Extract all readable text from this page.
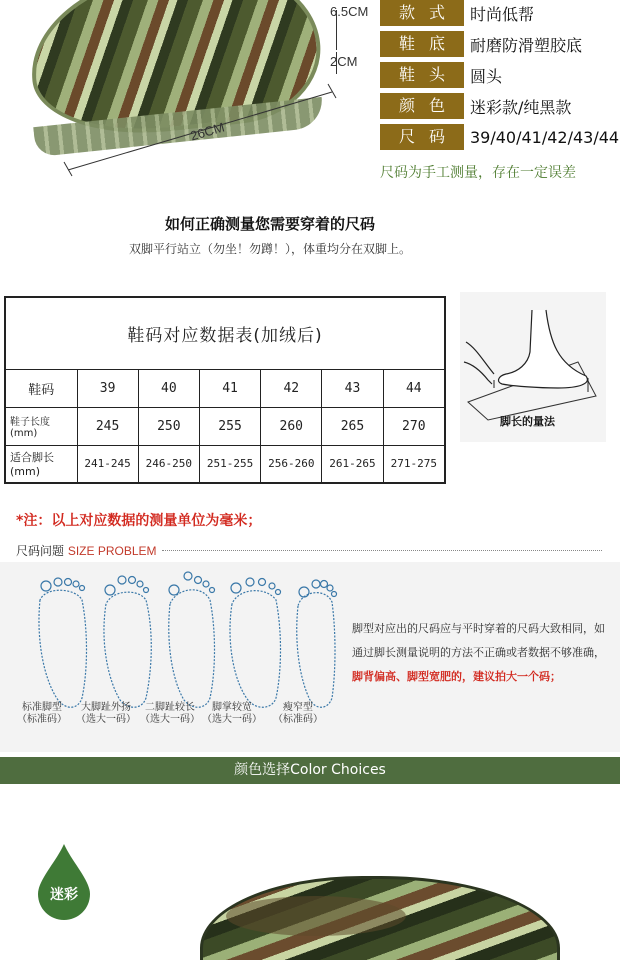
6.5CM
2CM
26CM
款式 时尚低帮
鞋底 耐磨防滑塑胶底
鞋头 圆头
颜色 迷彩款/纯黑款
尺码 39/40/41/42/43/44
尺码为手工测量，存在一定误差
如何正确测量您需要穿着的尺码
双脚平行站立（勿坐！勿蹲！），体重均分在双脚上。
鞋码对应数据表(加绒后)						
鞋码	39	40	41	42	43	44
鞋子长度(mm)	245	250	255	260	265	270
适合脚长(mm)	241-245	246-250	251-255	256-260	261-265	271-275
脚长的量法
*注：以上对应数据的测量单位为毫米；
尺码问题 SIZE PROBLEM
标准脚型
（标准码）
大脚趾外扬
（选大一码）
二脚趾较长
（选大一码）
脚掌较宽
（选大一码）
瘦窄型
（标准码）
脚型对应出的尺码应与平时穿着的尺码大致相同，如
通过脚长测量说明的方法不正确或者数据不够准确，
脚背偏高、脚型宽肥的，建议拍大一个码；
颜色选择Color Choices
迷彩
